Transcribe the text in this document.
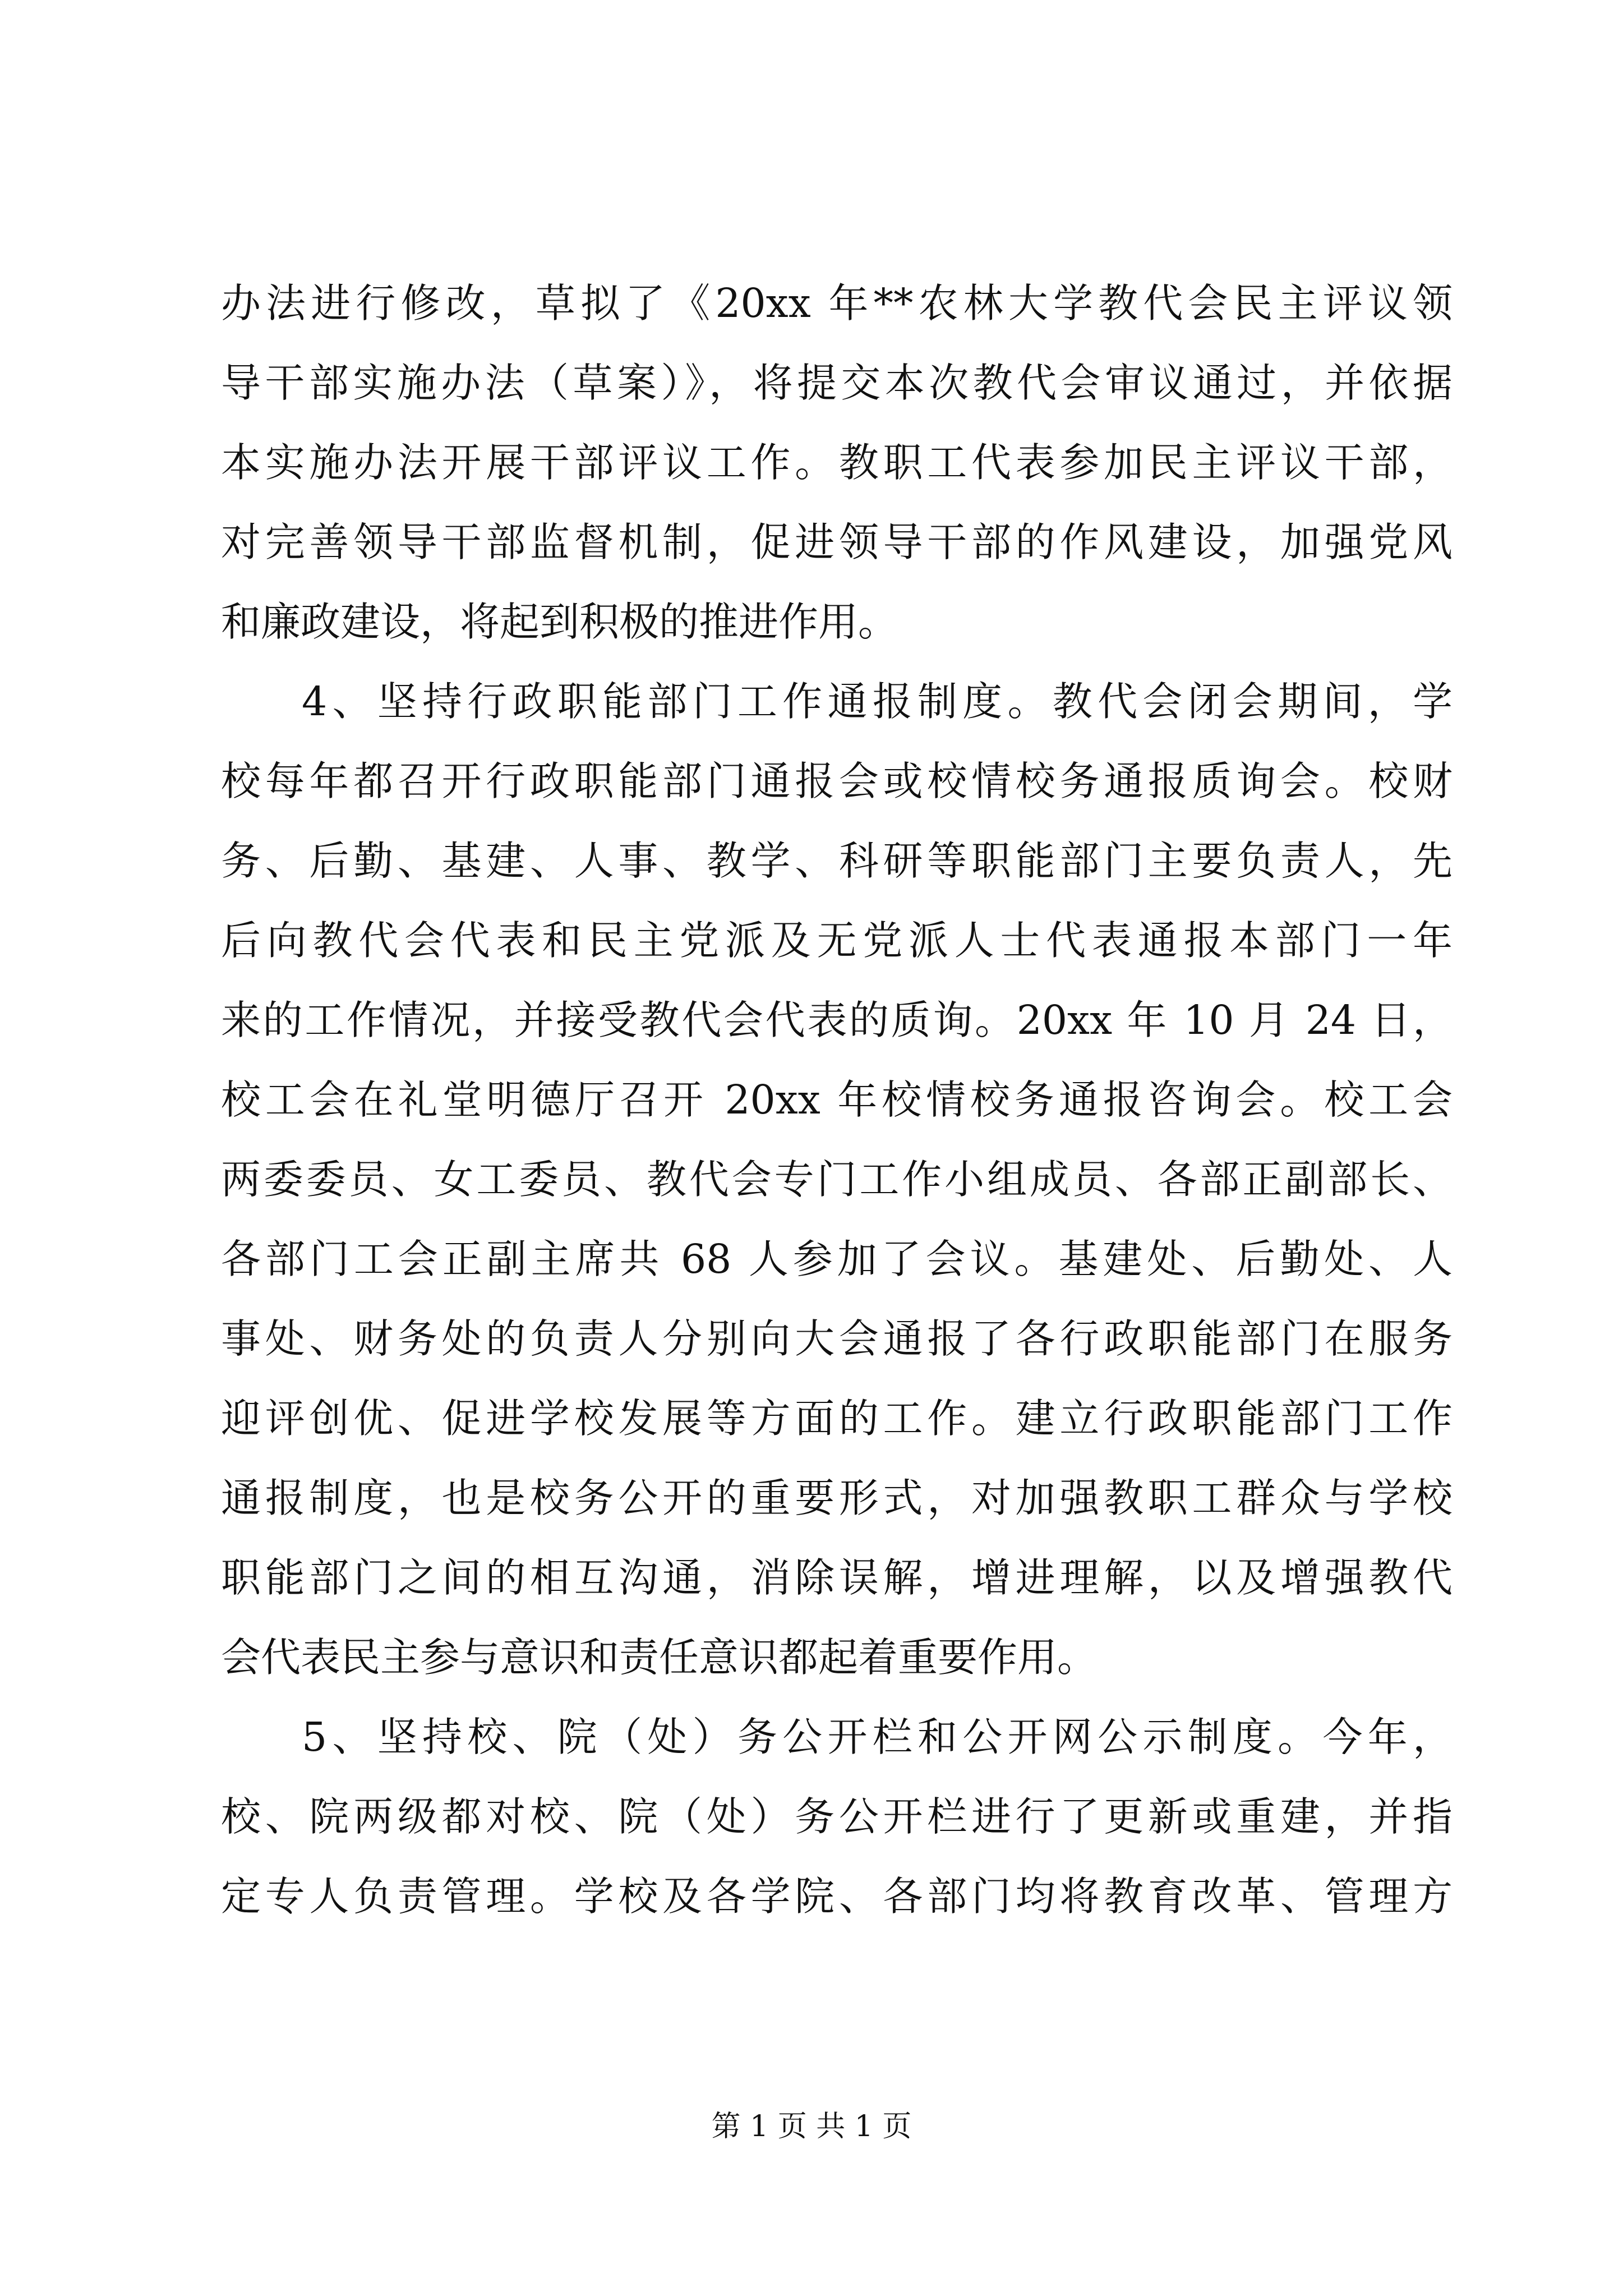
办法进行修改，草拟了《20xx 年**农林大学教代会民主评议领
导干部实施办法（草案）》，将提交本次教代会审议通过，并依据
本实施办法开展干部评议工作。教职工代表参加民主评议干部，
对完善领导干部监督机制，促进领导干部的作风建设，加强党风
和廉政建设，将起到积极的推进作用。
4、坚持行政职能部门工作通报制度。教代会闭会期间，学
校每年都召开行政职能部门通报会或校情校务通报质询会。校财
务、后勤、基建、人事、教学、科研等职能部门主要负责人，先
后向教代会代表和民主党派及无党派人士代表通报本部门一年
来的工作情况，并接受教代会代表的质询。20xx 年 10 月 24 日，
校工会在礼堂明德厅召开 20xx 年校情校务通报咨询会。校工会
两委委员、女工委员、教代会专门工作小组成员、各部正副部长、
各部门工会正副主席共 68 人参加了会议。基建处、后勤处、人
事处、财务处的负责人分别向大会通报了各行政职能部门在服务
迎评创优、促进学校发展等方面的工作。建立行政职能部门工作
通报制度，也是校务公开的重要形式，对加强教职工群众与学校
职能部门之间的相互沟通，消除误解，增进理解，以及增强教代
会代表民主参与意识和责任意识都起着重要作用。
5、坚持校、院（处）务公开栏和公开网公示制度。今年，
校、院两级都对校、院（处）务公开栏进行了更新或重建，并指
定专人负责管理。学校及各学院、各部门均将教育改革、管理方
第 1 页 共 1 页
